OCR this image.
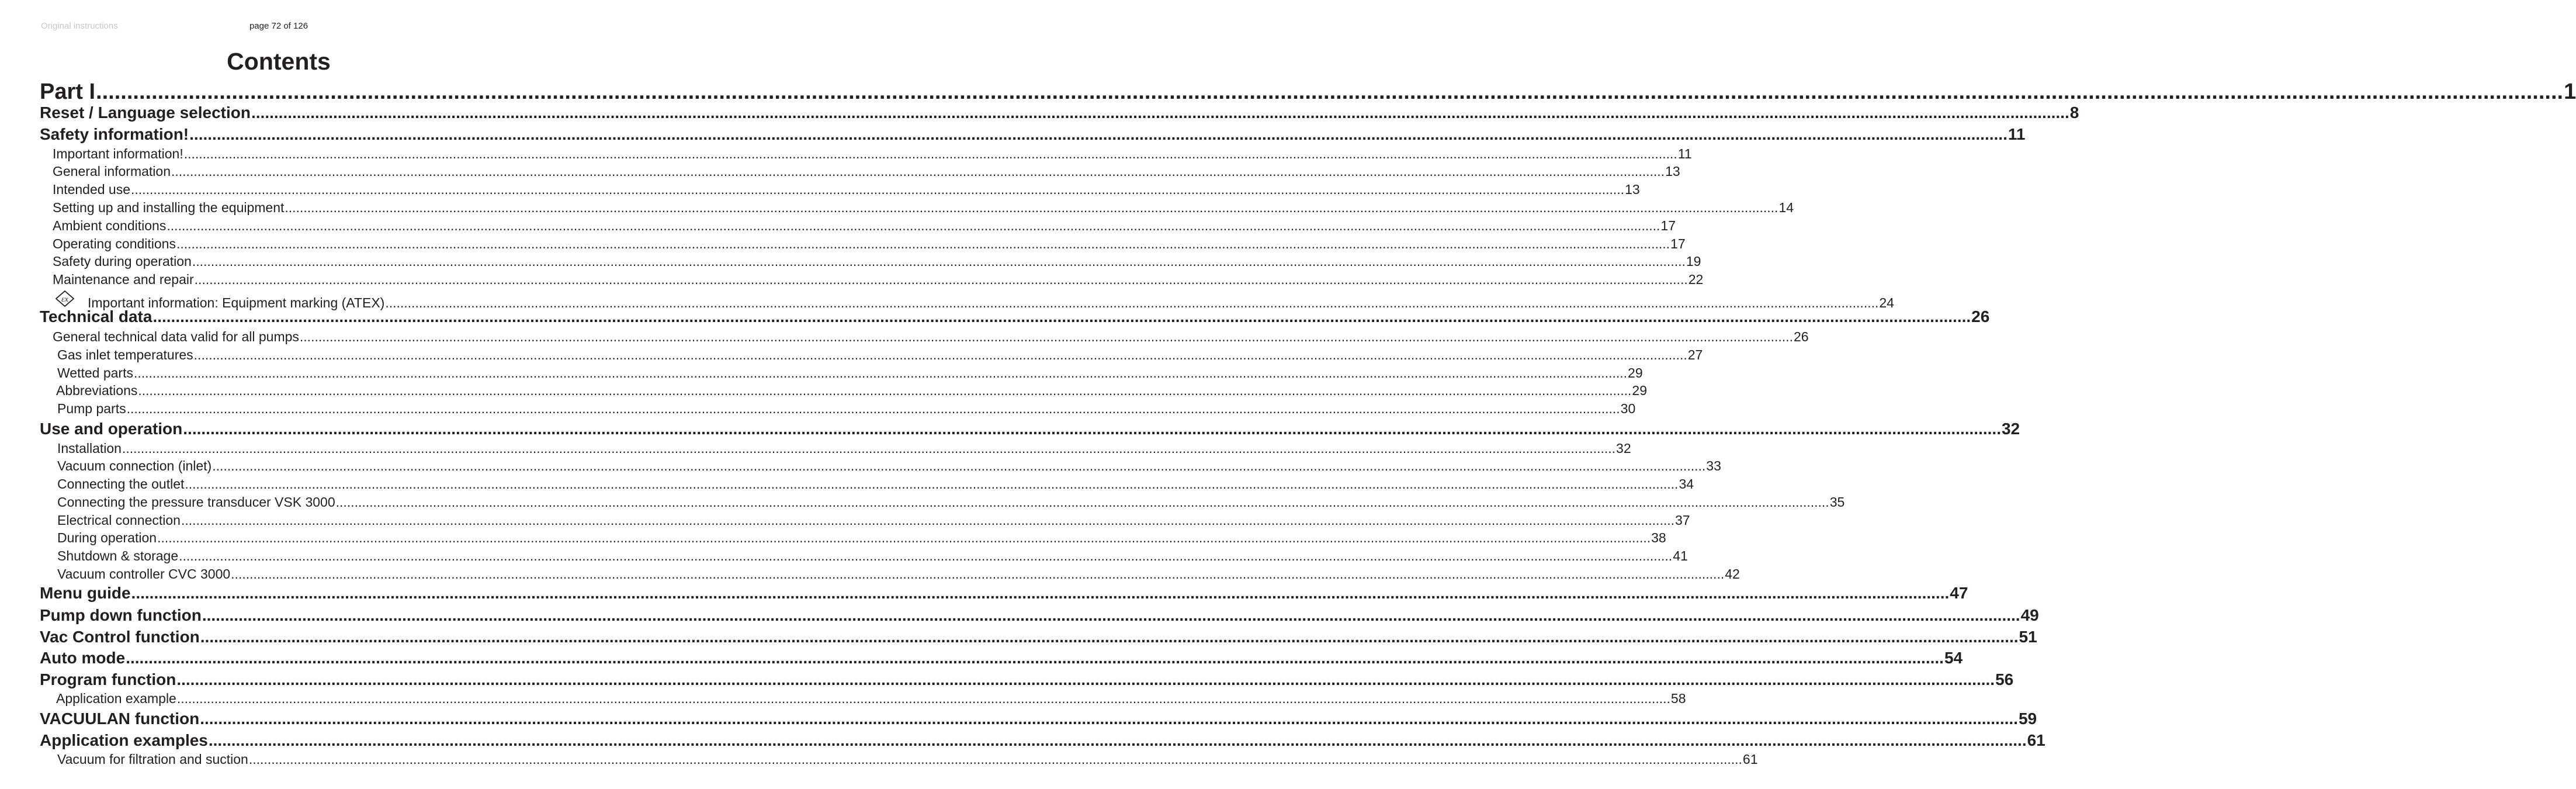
Original instructions	page 72 of 126
Contents
Part I ................................................................................................................................................................................................................................................................................................................................................................................................................ 1
Reset / Language selection ................................................................................................................................................................................................................................................................................................................................................................................................................ 8
Safety information! ................................................................................................................................................................................................................................................................................................................................................................................................................ 11
Important information! ................................................................................................................................................................................................................................................................................................................................................................................................................ 11
General information ................................................................................................................................................................................................................................................................................................................................................................................................................ 13
Intended use ................................................................................................................................................................................................................................................................................................................................................................................................................ 13
Setting up and installing the equipment ................................................................................................................................................................................................................................................................................................................................................................................................................ 14
Ambient conditions ................................................................................................................................................................................................................................................................................................................................................................................................................ 17
Operating conditions ................................................................................................................................................................................................................................................................................................................................................................................................................ 17
Safety during operation ................................................................................................................................................................................................................................................................................................................................................................................................................ 19
Maintenance and repair ................................................................................................................................................................................................................................................................................................................................................................................................................ 22
εx Important information: Equipment marking (ATEX) ................................................................................................................................................................................................................................................................................................................................................................................................................ 24
Technical data ................................................................................................................................................................................................................................................................................................................................................................................................................ 26
General technical data valid for all pumps ................................................................................................................................................................................................................................................................................................................................................................................................................ 26
Gas inlet temperatures ................................................................................................................................................................................................................................................................................................................................................................................................................ 27
Wetted parts ................................................................................................................................................................................................................................................................................................................................................................................................................ 29
Abbreviations ................................................................................................................................................................................................................................................................................................................................................................................................................ 29
Pump parts ................................................................................................................................................................................................................................................................................................................................................................................................................ 30
Use and operation ................................................................................................................................................................................................................................................................................................................................................................................................................ 32
Installation ................................................................................................................................................................................................................................................................................................................................................................................................................ 32
Vacuum connection (inlet) ................................................................................................................................................................................................................................................................................................................................................................................................................ 33
Connecting the outlet ................................................................................................................................................................................................................................................................................................................................................................................................................ 34
Connecting the pressure transducer VSK 3000 ................................................................................................................................................................................................................................................................................................................................................................................................................ 35
Electrical connection ................................................................................................................................................................................................................................................................................................................................................................................................................ 37
During operation ................................................................................................................................................................................................................................................................................................................................................................................................................ 38
Shutdown & storage ................................................................................................................................................................................................................................................................................................................................................................................................................ 41
Vacuum controller CVC 3000 ................................................................................................................................................................................................................................................................................................................................................................................................................ 42
Menu guide ................................................................................................................................................................................................................................................................................................................................................................................................................ 47
Pump down function ................................................................................................................................................................................................................................................................................................................................................................................................................ 49
Vac Control function ................................................................................................................................................................................................................................................................................................................................................................................................................ 51
Auto mode ................................................................................................................................................................................................................................................................................................................................................................................................................ 54
Program function ................................................................................................................................................................................................................................................................................................................................................................................................................ 56
Application example ................................................................................................................................................................................................................................................................................................................................................................................................................ 58
VACUULAN function ................................................................................................................................................................................................................................................................................................................................................................................................................ 59
Application examples ................................................................................................................................................................................................................................................................................................................................................................................................................ 61
Vacuum for filtration and suction ................................................................................................................................................................................................................................................................................................................................................................................................................ 61
